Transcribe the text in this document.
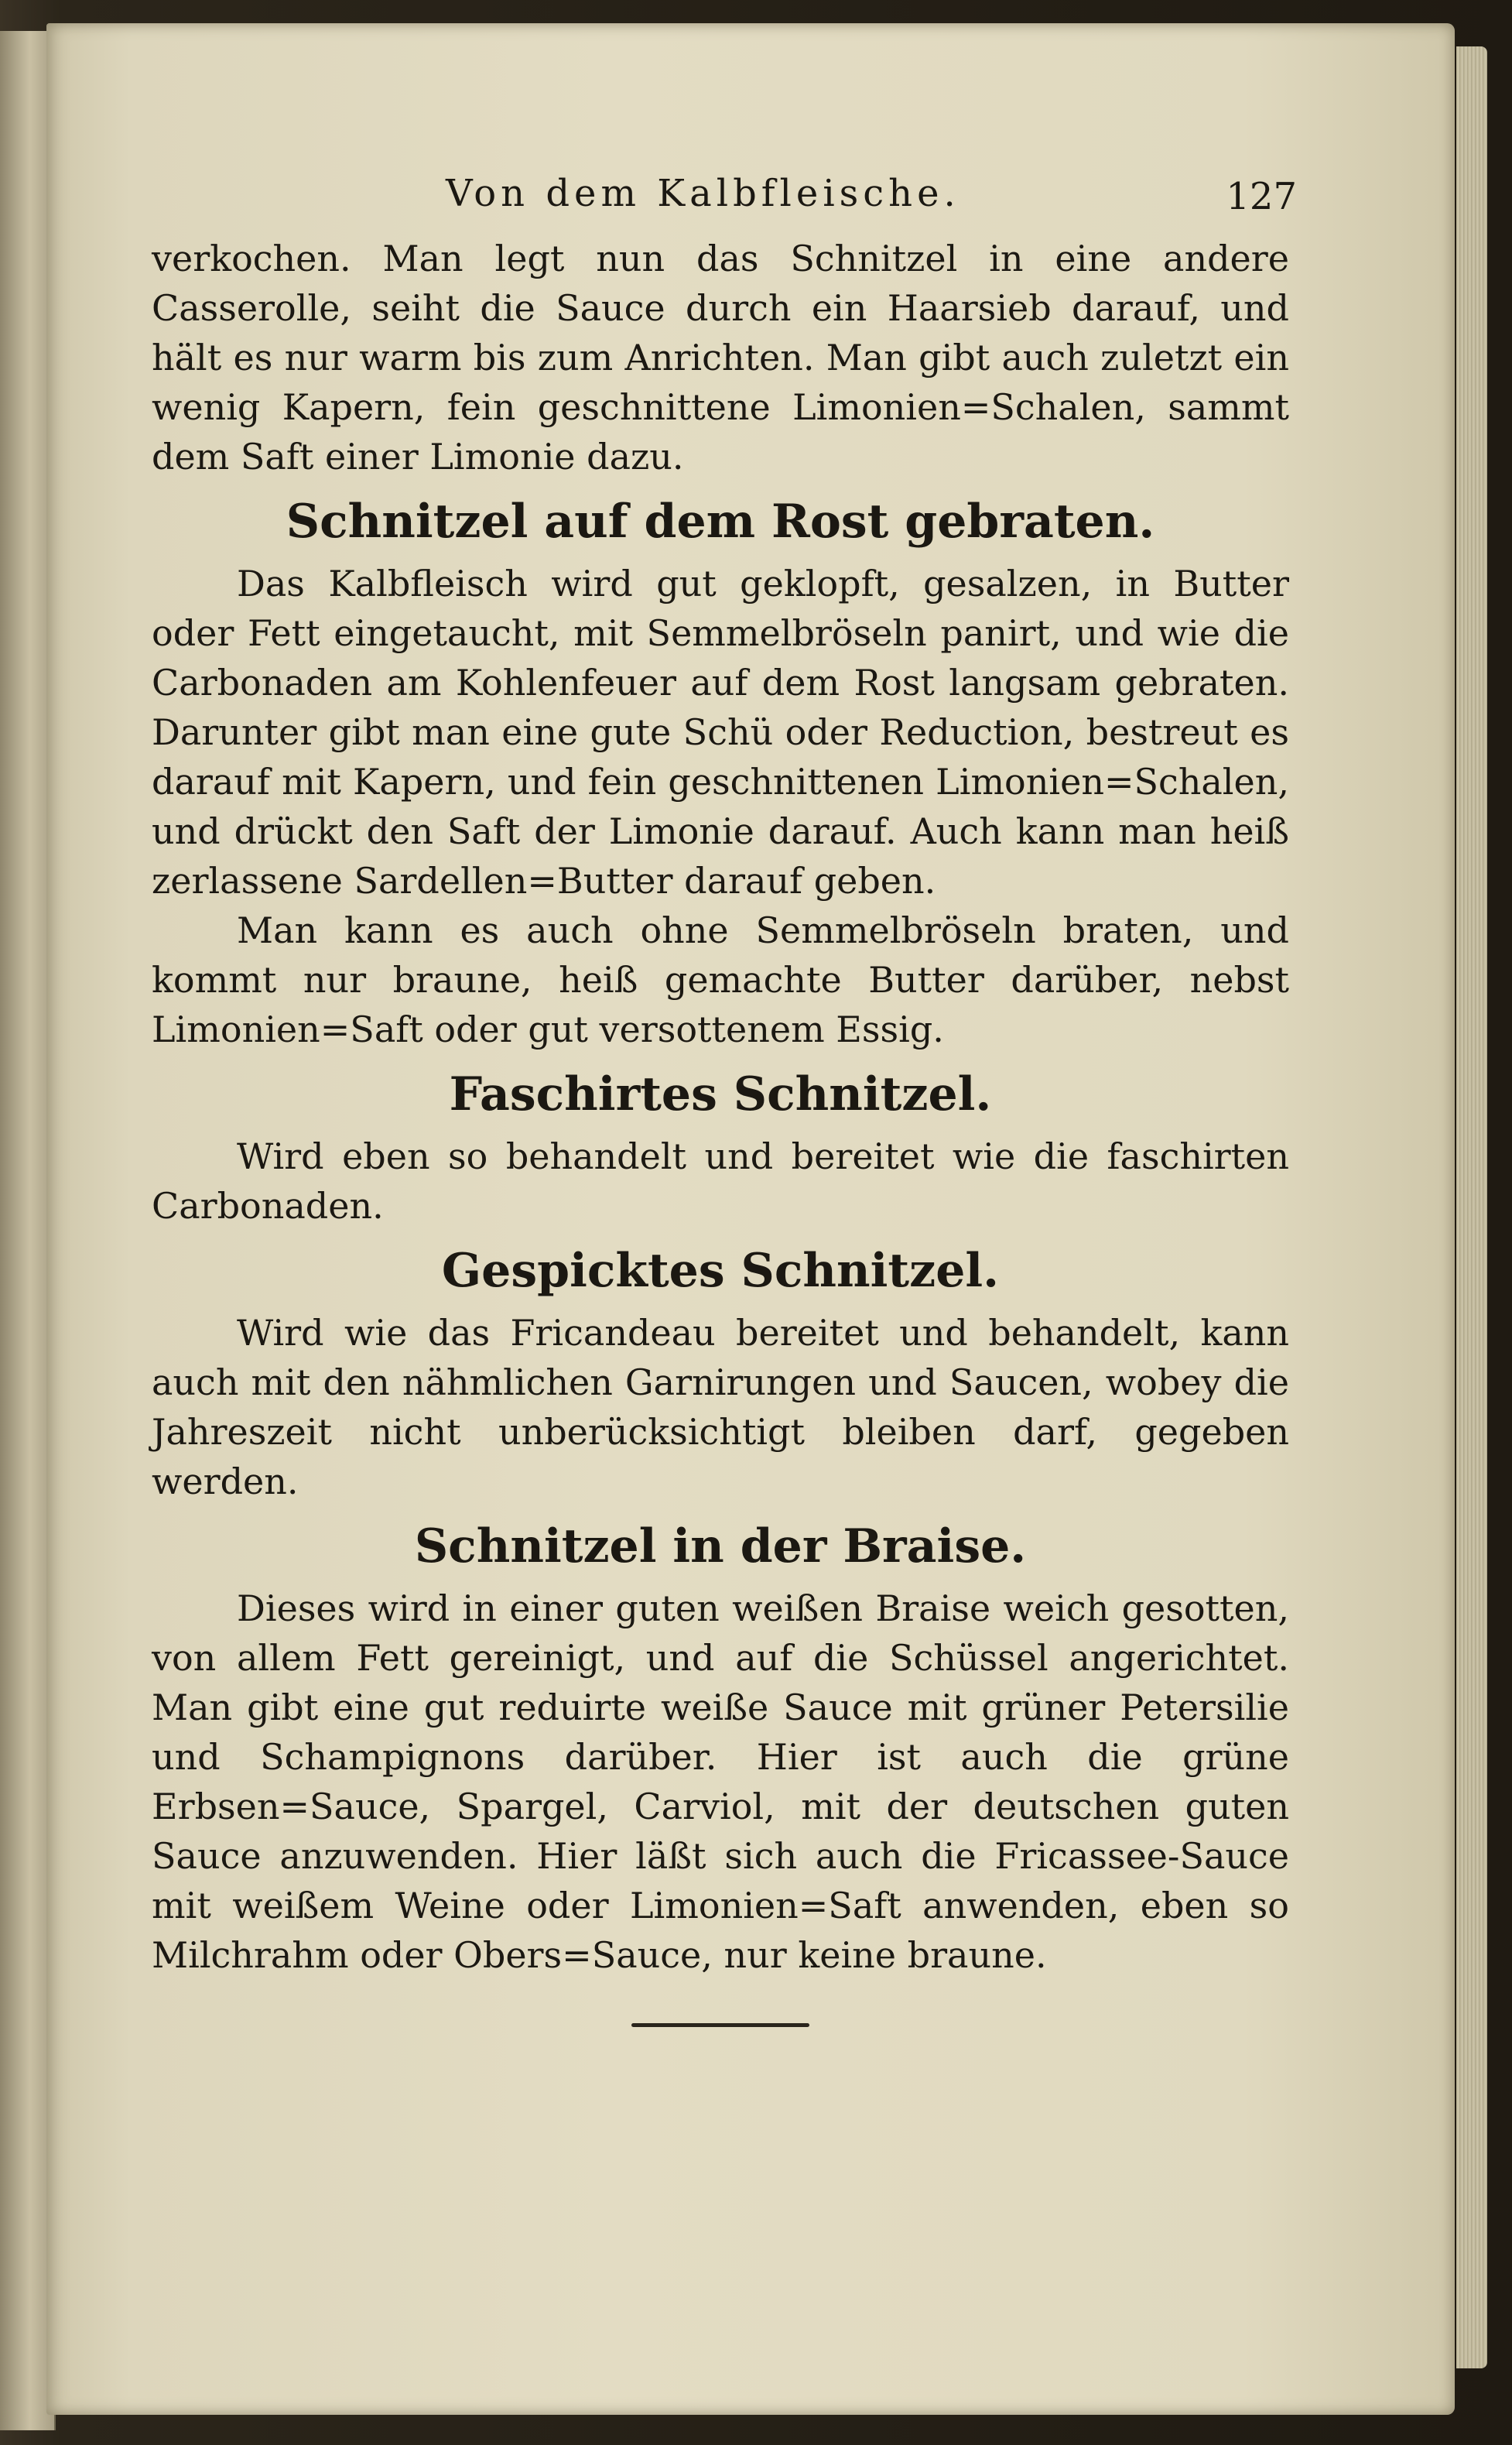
Von dem Kalbfleische.	127

verkochen. Man legt nun das Schnitzel in eine andere Casserolle, seiht die Sauce durch ein Haarsieb darauf, und hält es nur warm bis zum Anrichten. Man gibt auch zuletzt ein wenig Kapern, fein geschnittene Limonien=Schalen, sammt dem Saft einer Limonie dazu.

Schnitzel auf dem Rost gebraten.

Das Kalbfleisch wird gut geklopft, gesalzen, in Butter oder Fett eingetaucht, mit Semmelbröseln panirt, und wie die Carbonaden am Kohlenfeuer auf dem Rost langsam gebraten. Darunter gibt man eine gute Schü oder Reduction, bestreut es darauf mit Kapern, und fein geschnittenen Limonien=Schalen, und drückt den Saft der Limonie darauf. Auch kann man heiß zerlassene Sardellen=Butter darauf geben.

Man kann es auch ohne Semmelbröseln braten, und kommt nur braune, heiß gemachte Butter darüber, nebst Limonien=Saft oder gut versottenem Essig.

Faschirtes Schnitzel.

Wird eben so behandelt und bereitet wie die faschirten Carbonaden.

Gespicktes Schnitzel.

Wird wie das Fricandeau bereitet und behandelt, kann auch mit den nähmlichen Garnirungen und Saucen, wobey die Jahreszeit nicht unberücksichtigt bleiben darf, gegeben werden.

Schnitzel in der Braise.

Dieses wird in einer guten weißen Braise weich gesotten, von allem Fett gereinigt, und auf die Schüssel angerichtet. Man gibt eine gut reduirte weiße Sauce mit grüner Petersilie und Schampignons darüber. Hier ist auch die grüne Erbsen=Sauce, Spargel, Carviol, mit der deutschen guten Sauce anzuwenden. Hier läßt sich auch die Fricassee-Sauce mit weißem Weine oder Limonien=Saft anwenden, eben so Milchrahm oder Obers=Sauce, nur keine braune.
